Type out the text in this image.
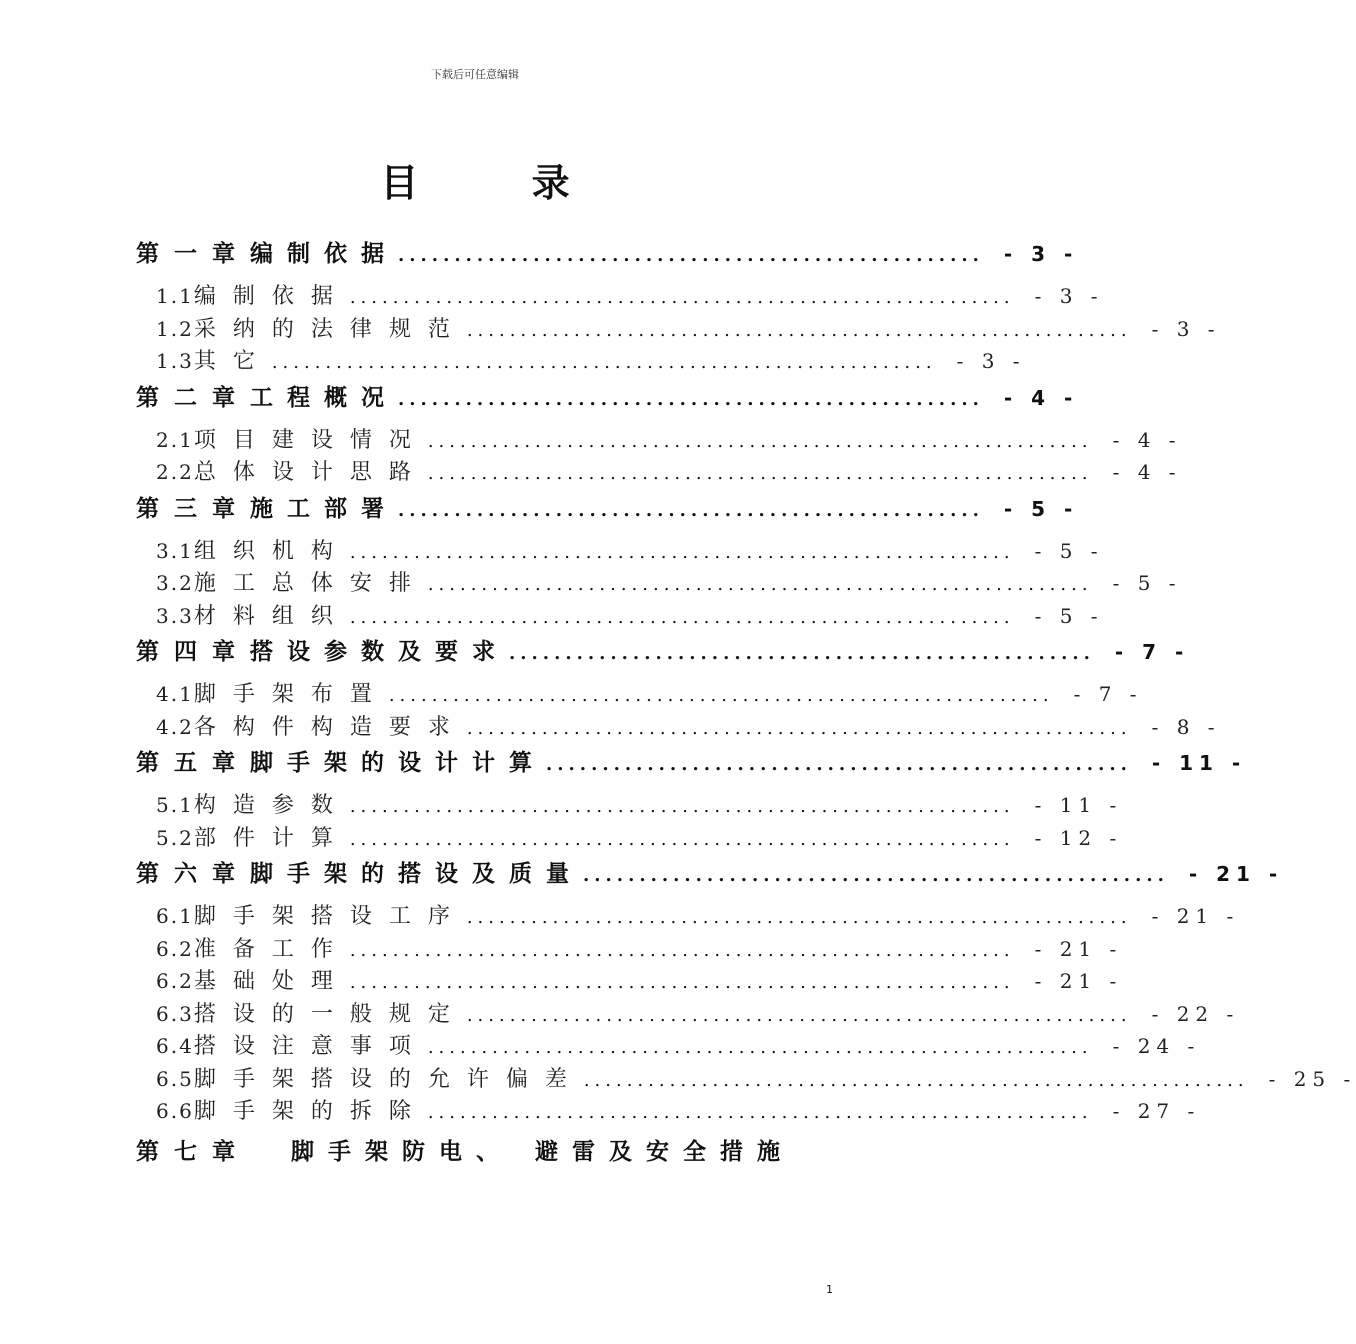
下载后可任意编辑
目 录
第一章 编制依据 .................................................... - 3 -
1.1 编制依据 .............................................................. - 3 -
1.2 采纳的法律规范 .............................................................. - 3 -
1.3 其它 .............................................................. - 3 -
第二章 工程概况 .................................................... - 4 -
2.1 项目建设情况 .............................................................. - 4 -
2.2 总体设计思路 .............................................................. - 4 -
第三章 施工部署 .................................................... - 5 -
3.1 组织机构 .............................................................. - 5 -
3.2 施工总体安排 .............................................................. - 5 -
3.3 材料组织 .............................................................. - 5 -
第四章 搭设参数及要求 .................................................... - 7 -
4.1 脚手架布置 .............................................................. - 7 -
4.2 各构件构造要求 .............................................................. - 8 -
第五章 脚手架的设计计算 .................................................... - 11 -
5.1 构造参数 .............................................................. - 11 -
5.2 部件计算 .............................................................. - 12 -
第六章 脚手架的搭设及质量 .................................................... - 21 -
6.1 脚手架搭设工序 .............................................................. - 21 -
6.2 准备工作 .............................................................. - 21 -
6.2 基础处理 .............................................................. - 21 -
6.3 搭设的一般规定 .............................................................. - 22 -
6.4 搭设注意事项 .............................................................. - 24 -
6.5 脚手架搭设的允许偏差 .............................................................. - 25 -
6.6 脚手架的拆除 .............................................................. - 27 -
第七章	脚手架防电、 避雷及安全措施
1
